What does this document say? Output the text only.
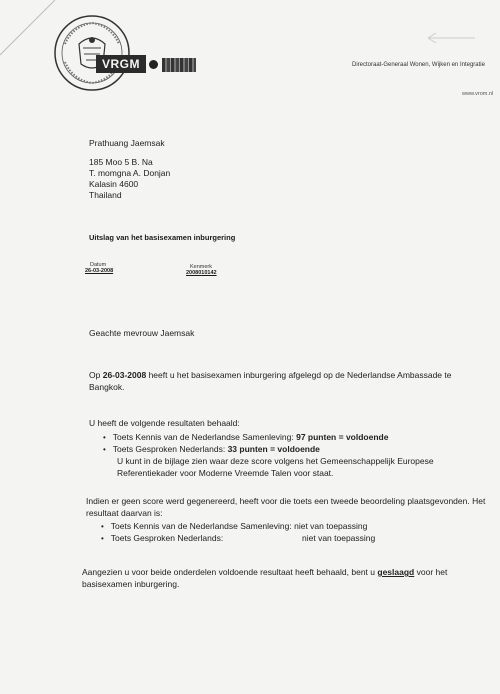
VRGM	Directoraat-Generaal Wonen, Wijken en Integratie
www.vrom.nl
Prathuang Jaemsak
185 Moo 5 B. Na
T. momgna A. Donjan
Kalasin 4600
Thailand
Uitslag van het basisexamen inburgering
Datum
26-03-2008
Kenmerk
2008010142
Geachte mevrouw Jaemsak
Op 26-03-2008 heeft u het basisexamen inburgering afgelegd op de Nederlandse Ambassade te
Bangkok.
U heeft de volgende resultaten behaald:
• Toets Kennis van de Nederlandse Samenleving: 97 punten = voldoende
• Toets Gesproken Nederlands: 33 punten = voldoende
U kunt in de bijlage zien waar deze score volgens het Gemeenschappelijk Europese
Referentiekader voor Moderne Vreemde Talen voor staat.
Indien er geen score werd gegenereerd, heeft voor die toets een tweede beoordeling plaatsgevonden. Het
resultaat daarvan is:
• Toets Kennis van de Nederlandse Samenleving: niet van toepassing
• Toets Gesproken Nederlands:	niet van toepassing
Aangezien u voor beide onderdelen voldoende resultaat heeft behaald, bent u geslaagd voor het
basisexamen inburgering.
